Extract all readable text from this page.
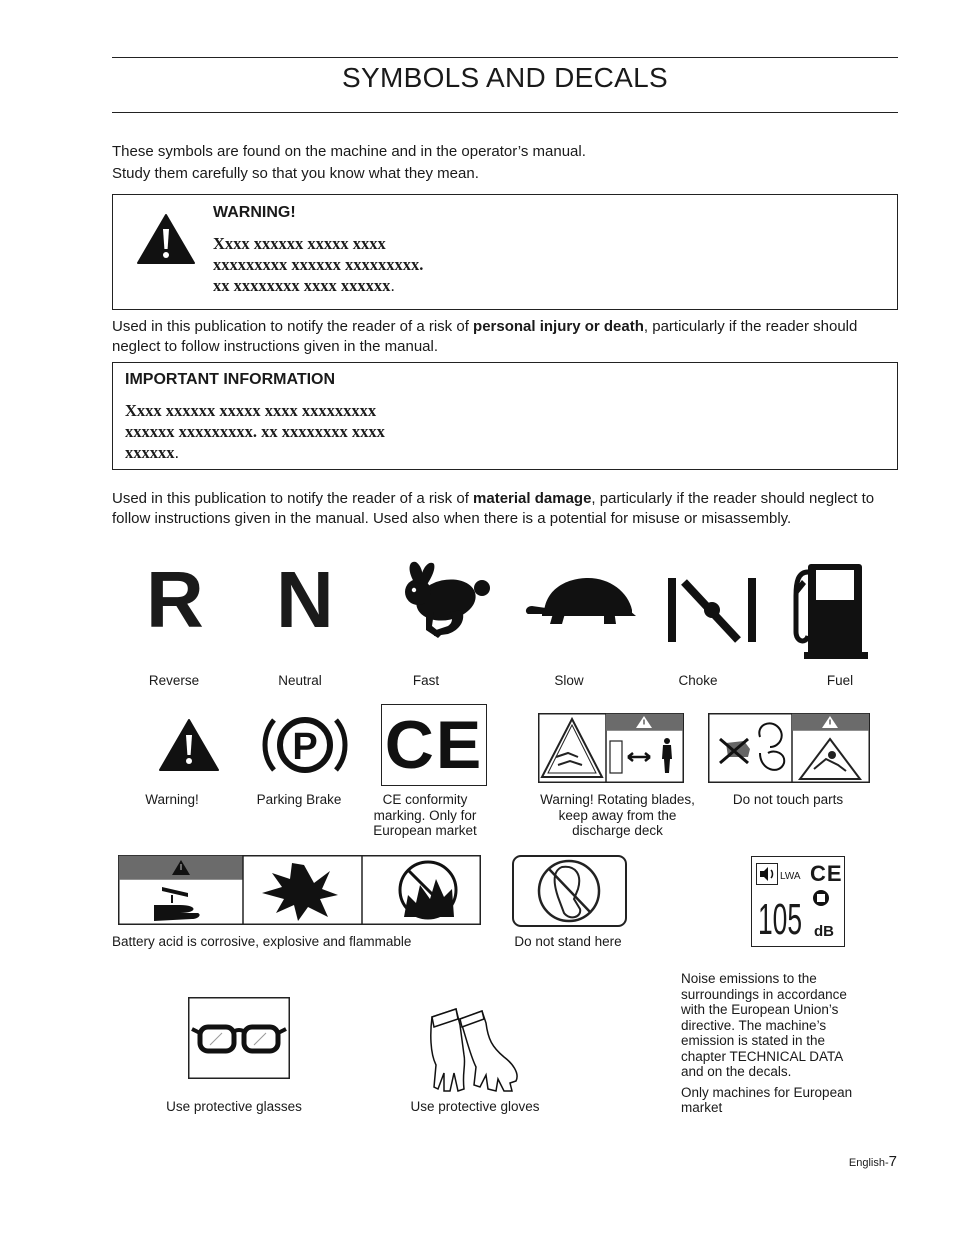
SYMBOLS AND DECALS
These symbols are found on the machine and in the operator’s manual.
Study them carefully so that you know what they mean.
WARNING!
Xxxx xxxxxx xxxxx xxxx
xxxxxxxxx xxxxxx xxxxxxxxx.
xx xxxxxxxx xxxx xxxxxx.
Used in this publication to notify the reader of a risk of personal injury or death, particularly if the reader should neglect to follow instructions given in the manual.
IMPORTANT INFORMATION
Xxxx xxxxxx xxxxx xxxx xxxxxxxxx
xxxxxx xxxxxxxxx. xx xxxxxxxx xxxx
xxxxxx.
Used in this publication to notify the reader of a risk of material damage, particularly if the reader should neglect to follow instructions given in the manual. Used also when there is a potential for misuse or misassembly.
R
Reverse
N
Neutral	Fast	Slow	Choke	Fuel
Warning!
P
Parking Brake
CE
CE conformity
marking. Only for
European market
Warning! Rotating blades,
keep away from the
discharge deck
Do not touch parts
Battery acid is corrosive, explosive and flammable	Do not stand here
LWA CE
105 dB
Noise emissions to the
surroundings in accordance
with the European Union’s
directive. The machine’s
emission is stated in the
chapter TECHNICAL DATA
and on the decals.
Only machines for European
market
Use protective glasses	Use protective gloves
English-7
